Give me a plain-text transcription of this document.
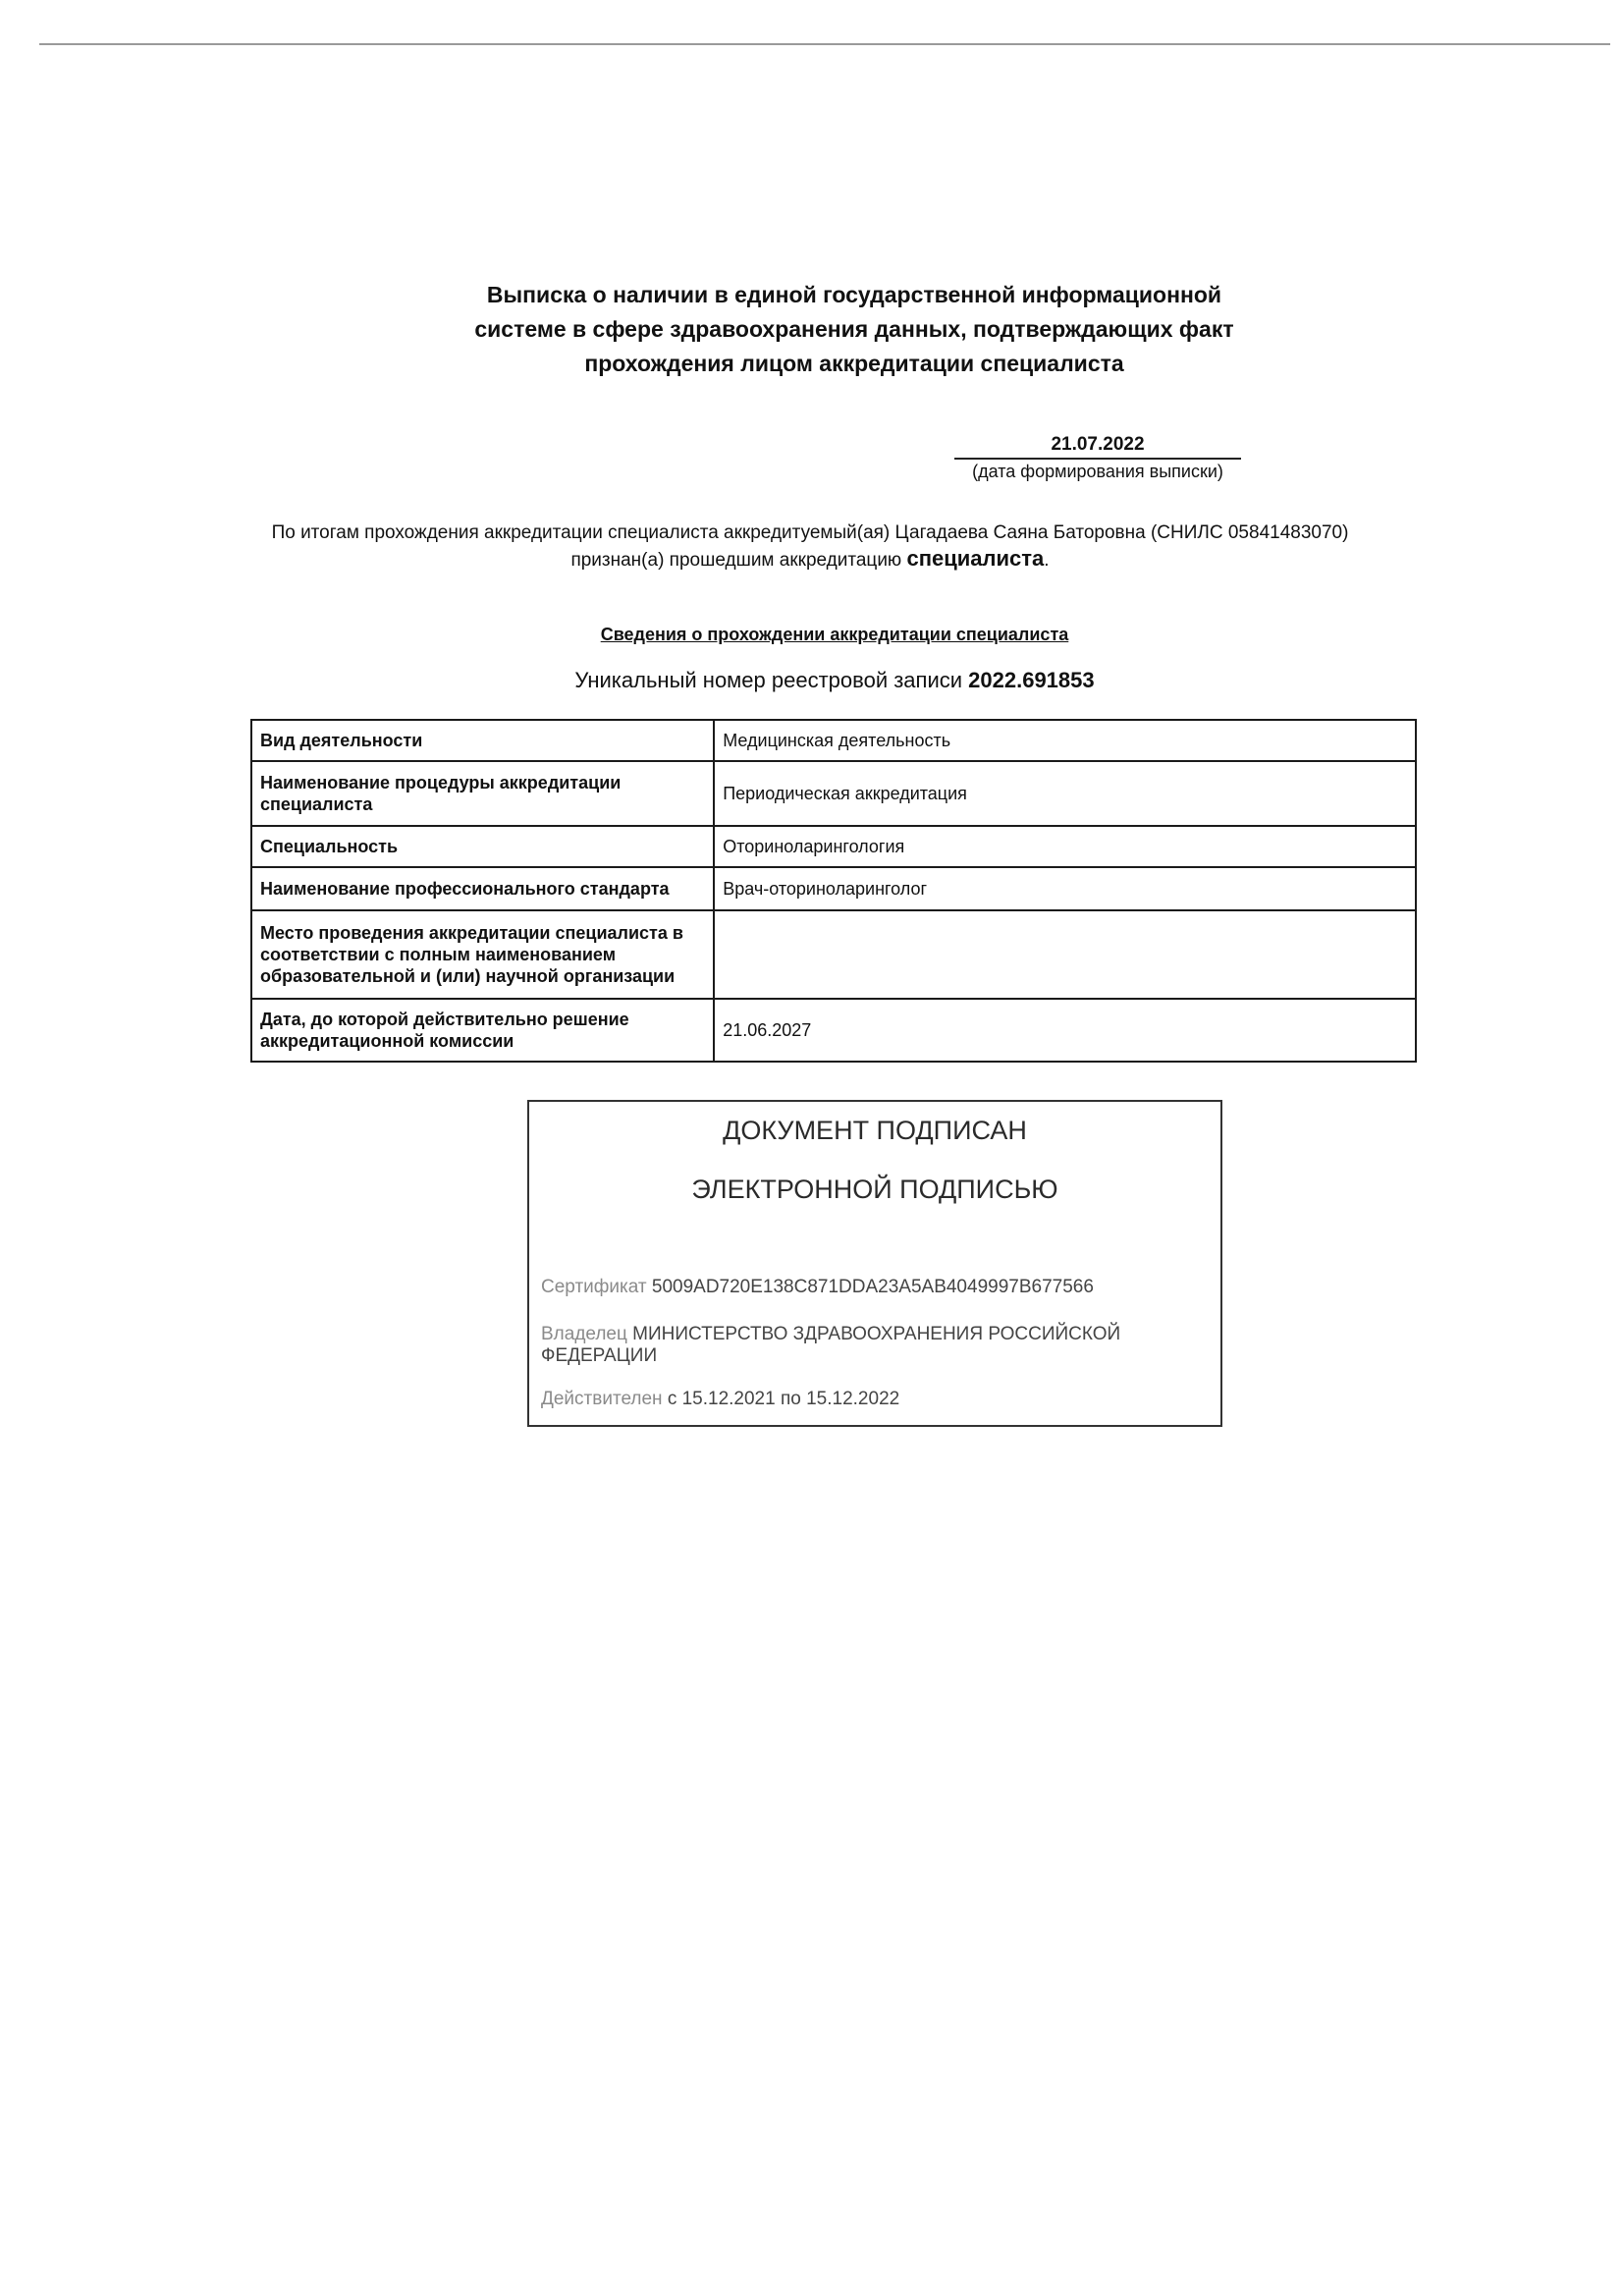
Выписка о наличии в единой государственной информационной
системе в сфере здравоохранения данных, подтверждающих факт
прохождения лицом аккредитации специалиста
21.07.2022
(дата формирования выписки)
По итогам прохождения аккредитации специалиста аккредитуемый(ая) Цагадаева Саяна Баторовна (СНИЛС 05841483070)
признан(а) прошедшим аккредитацию специалиста.
Сведения о прохождении аккредитации специалиста
Уникальный номер реестровой записи 2022.691853
Вид деятельности	Медицинская деятельность
Наименование процедуры аккредитации специалиста	Периодическая аккредитация
Специальность	Оториноларингология
Наименование профессионального стандарта	Врач-оториноларинголог
Место проведения аккредитации специалиста в соответствии с полным наименованием образовательной и (или) научной организации	
Дата, до которой действительно решение аккредитационной комиссии	21.06.2027
ДОКУМЕНТ ПОДПИСАН
ЭЛЕКТРОННОЙ ПОДПИСЬЮ
Сертификат 5009AD720E138C871DDA23A5AB4049997B677566
Владелец МИНИСТЕРСТВО ЗДРАВООХРАНЕНИЯ РОССИЙСКОЙ ФЕДЕРАЦИИ
Действителен с 15.12.2021 по 15.12.2022
